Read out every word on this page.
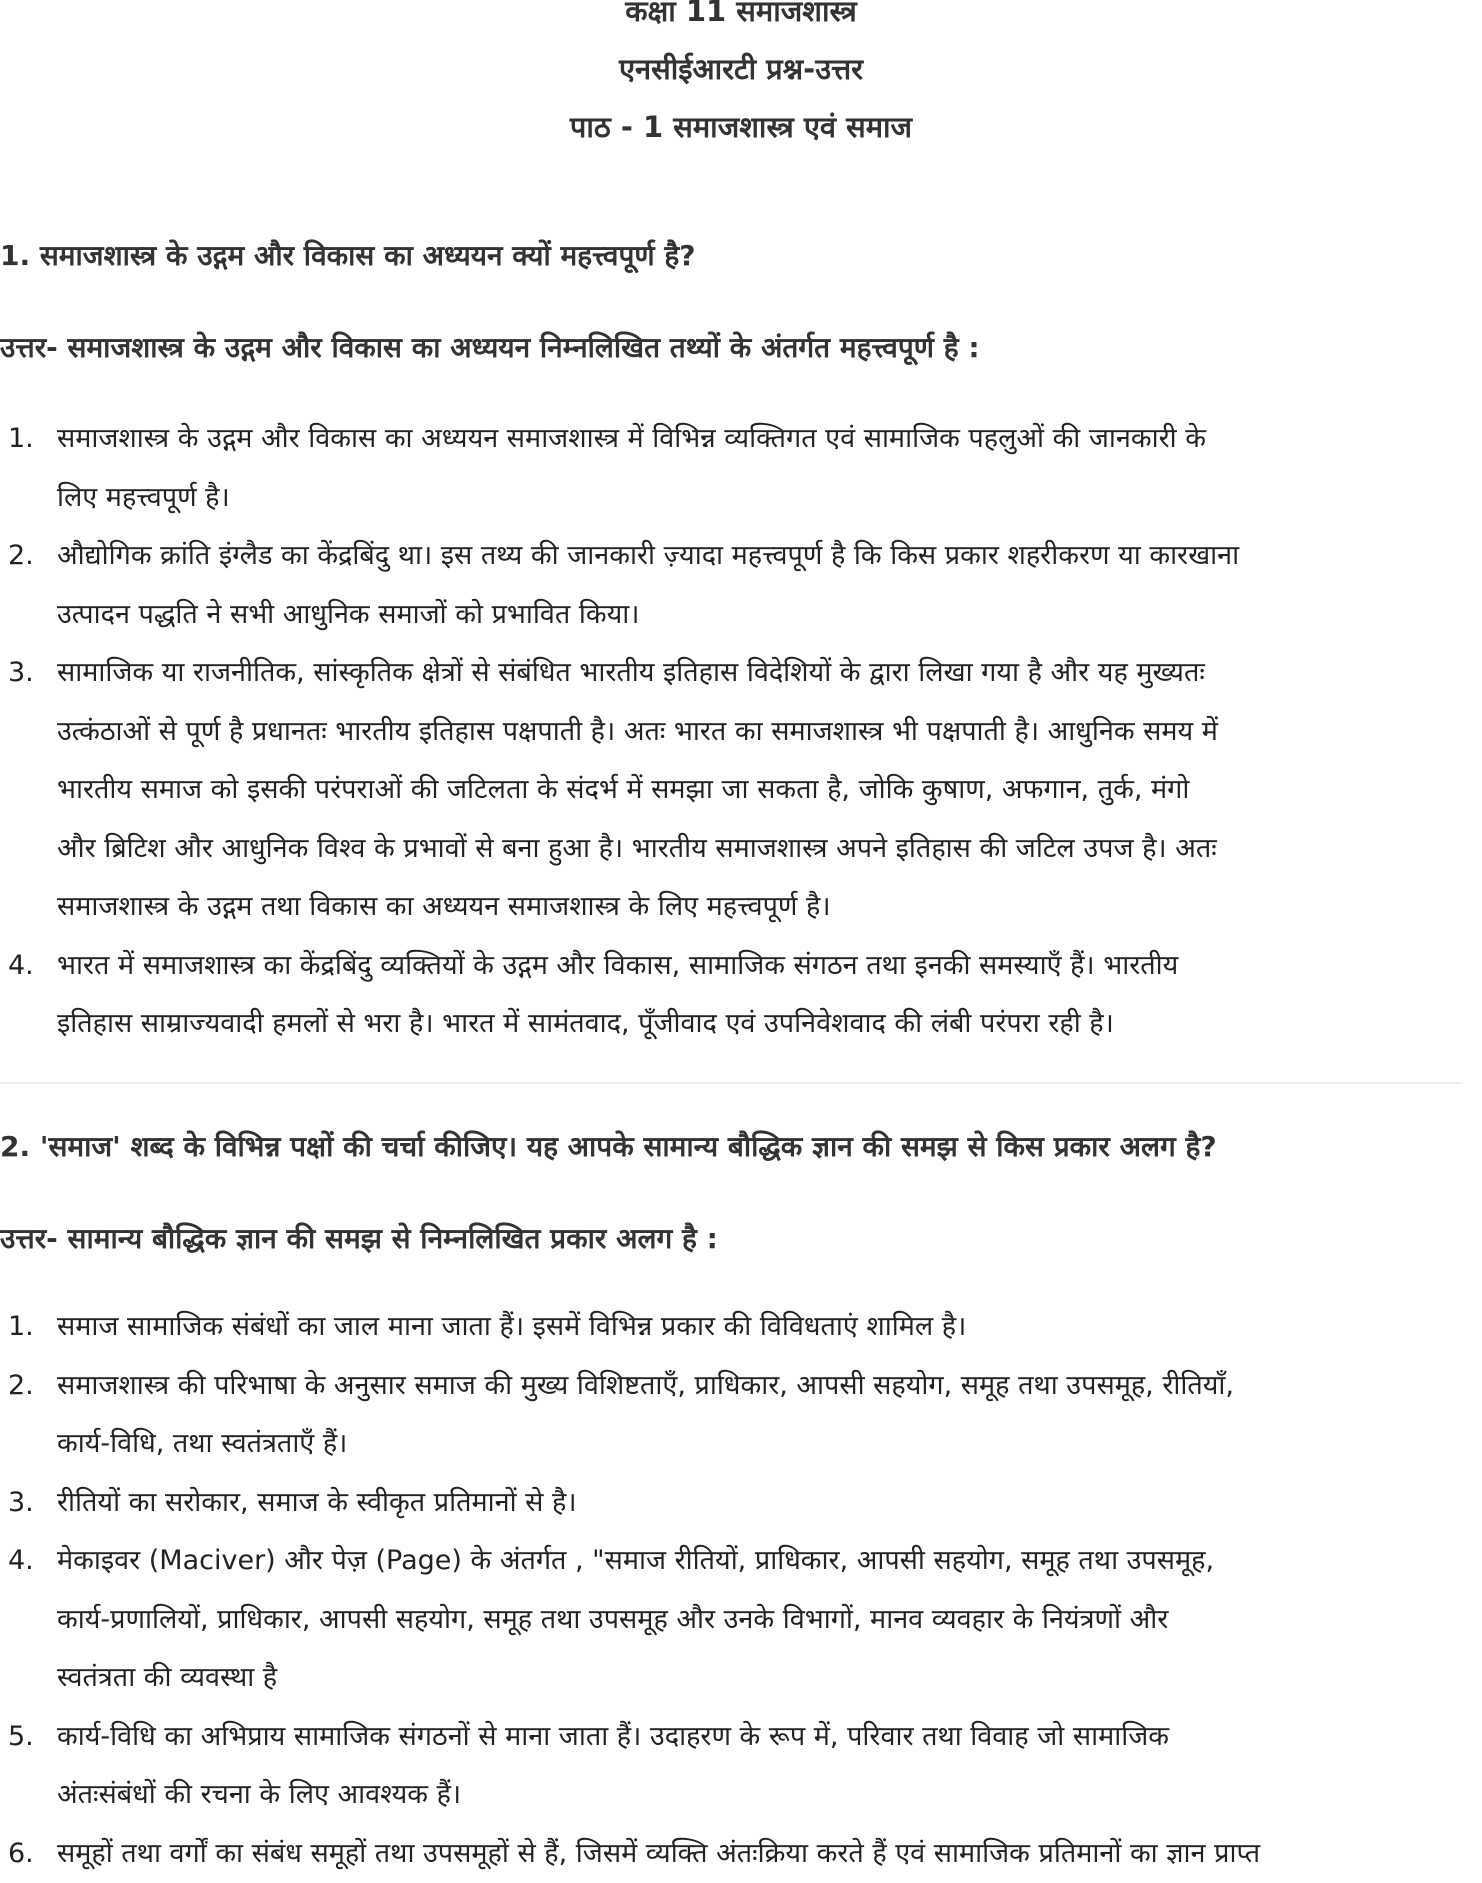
कक्षा 11 समाजशास्त्र
एनसीईआरटी प्रश्न-उत्तर
पाठ - 1 समाजशास्त्र एवं समाज
1. समाजशास्त्र के उद्गम और विकास का अध्ययन क्यों महत्त्वपूर्ण है?
उत्तर- समाजशास्त्र के उद्गम और विकास का अध्ययन निम्नलिखित तथ्यों के अंतर्गत महत्त्वपूर्ण है :
1. समाजशास्त्र के उद्गम और विकास का अध्ययन समाजशास्त्र में विभिन्न व्यक्तिगत एवं सामाजिक पहलुओं की जानकारी के
लिए महत्त्वपूर्ण है।
2. औद्योगिक क्रांति इंग्लैड का केंद्रबिंदु था। इस तथ्य की जानकारी ज़्यादा महत्त्वपूर्ण है कि किस प्रकार शहरीकरण या कारखाना
उत्पादन पद्धति ने सभी आधुनिक समाजों को प्रभावित किया।
3. सामाजिक या राजनीतिक, सांस्कृतिक क्षेत्रों से संबंधित भारतीय इतिहास विदेशियों के द्वारा लिखा गया है और यह मुख्यतः
उत्कंठाओं से पूर्ण है प्रधानतः भारतीय इतिहास पक्षपाती है। अतः भारत का समाजशास्त्र भी पक्षपाती है। आधुनिक समय में
भारतीय समाज को इसकी परंपराओं की जटिलता के संदर्भ में समझा जा सकता है, जोकि कुषाण, अफगान, तुर्क, मंगो
और ब्रिटिश और आधुनिक विश्व के प्रभावों से बना हुआ है। भारतीय समाजशास्त्र अपने इतिहास की जटिल उपज है। अतः
समाजशास्त्र के उद्गम तथा विकास का अध्ययन समाजशास्त्र के लिए महत्त्वपूर्ण है।
4. भारत में समाजशास्त्र का केंद्रबिंदु व्यक्तियों के उद्गम और विकास, सामाजिक संगठन तथा इनकी समस्याएँ हैं। भारतीय
इतिहास साम्राज्यवादी हमलों से भरा है। भारत में सामंतवाद, पूँजीवाद एवं उपनिवेशवाद की लंबी परंपरा रही है।
2. 'समाज' शब्द के विभिन्न पक्षों की चर्चा कीजिए। यह आपके सामान्य बौद्धिक ज्ञान की समझ से किस प्रकार अलग है?
उत्तर- सामान्य बौद्धिक ज्ञान की समझ से निम्नलिखित प्रकार अलग है :
1. समाज सामाजिक संबंधों का जाल माना जाता हैं। इसमें विभिन्न प्रकार की विविधताएं शामिल है।
2. समाजशास्त्र की परिभाषा के अनुसार समाज की मुख्य विशिष्टताएँ, प्राधिकार, आपसी सहयोग, समूह तथा उपसमूह, रीतियाँ,
कार्य-विधि, तथा स्वतंत्रताएँ हैं।
3. रीतियों का सरोकार, समाज के स्वीकृत प्रतिमानों से है।
4. मेकाइवर (Maciver) और पेज़ (Page) के अंतर्गत , "समाज रीतियों, प्राधिकार, आपसी सहयोग, समूह तथा उपसमूह,
कार्य-प्रणालियों, प्राधिकार, आपसी सहयोग, समूह तथा उपसमूह और उनके विभागों, मानव व्यवहार के नियंत्रणों और
स्वतंत्रता की व्यवस्था है
5. कार्य-विधि का अभिप्राय सामाजिक संगठनों से माना जाता हैं। उदाहरण के रूप में, परिवार तथा विवाह जो सामाजिक
अंतःसंबंधों की रचना के लिए आवश्यक हैं।
6. समूहों तथा वर्गों का संबंध समूहों तथा उपसमूहों से हैं, जिसमें व्यक्ति अंतःक्रिया करते हैं एवं सामाजिक प्रतिमानों का ज्ञान प्राप्त
